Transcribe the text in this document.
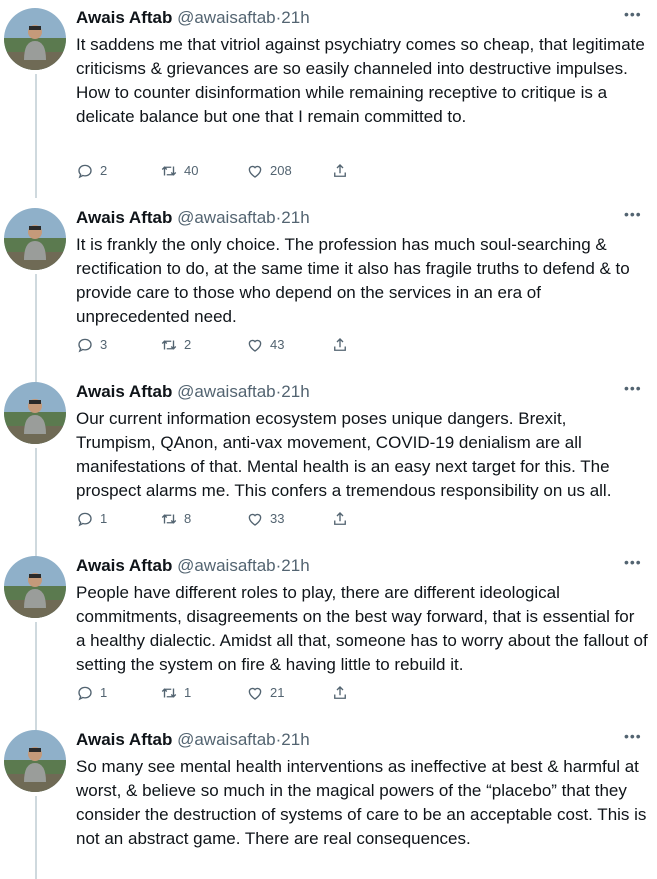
Awais Aftab @awaisaftab·21h	•••
It saddens me that vitriol against psychiatry comes so cheap, that legitimate criticisms & grievances are so easily channeled into destructive impulses. How to counter disinformation while remaining receptive to critique is a delicate balance but one that I remain committed to.
2	40	208
Awais Aftab @awaisaftab·21h	•••
It is frankly the only choice. The profession has much soul-searching & rectification to do, at the same time it also has fragile truths to defend & to provide care to those who depend on the services in an era of unprecedented need.
3	2	43
Awais Aftab @awaisaftab·21h	•••
Our current information ecosystem poses unique dangers. Brexit, Trumpism, QAnon, anti-vax movement, COVID-19 denialism are all manifestations of that. Mental health is an easy next target for this. The prospect alarms me. This confers a tremendous responsibility on us all.
1	8	33
Awais Aftab @awaisaftab·21h	•••
People have different roles to play, there are different ideological commitments, disagreements on the best way forward, that is essential for a healthy dialectic. Amidst all that, someone has to worry about the fallout of setting the system on fire & having little to rebuild it.
1	1	21
Awais Aftab @awaisaftab·21h	•••
So many see mental health interventions as ineffective at best & harmful at worst, & believe so much in the magical powers of the “placebo” that they consider the destruction of systems of care to be an acceptable cost. This is not an abstract game. There are real consequences.
